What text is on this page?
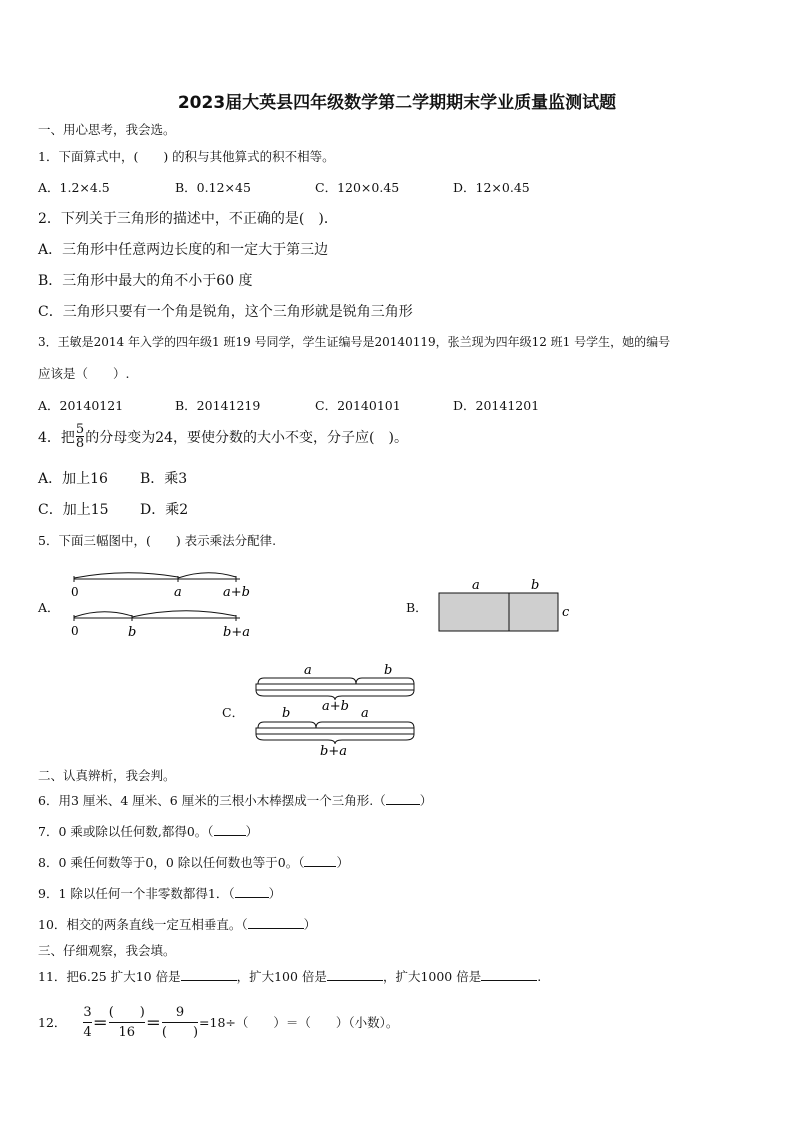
2023届大英县四年级数学第二学期期末学业质量监测试题
一、用心思考，我会选。
1．下面算式中，(　　) 的积与其他算式的积不相等。
A．1.2×4.5	B．0.12×45	C．120×0.45	D．12×0.45
2．下列关于三角形的描述中，不正确的是(　)．
A．三角形中任意两边长度的和一定大于第三边
B．三角形中最大的角不小于60 度
C．三角形只要有一个角是锐角，这个三角形就是锐角三角形
3．王敏是2014 年入学的四年级1 班19 号同学，学生证编号是20140119，张兰现为四年级12 班1 号学生，她的编号
应该是（　　）.
A．20140121	B．20141219	C．20140101	D．20141201
4．把 $\frac{5}{8}$ 的分母变为24，要使分数的大小不变，分子应(　)。
A．加上16 B．乘3
C．加上15 D．乘2
5．下面三幅图中，(　　) 表示乘法分配律.
A．
0	a	a+b
0	b	b+a
B．
a	b
c
C．
a	b
a+b
b	a
b+a
二、认真辨析，我会判。
6．用3 厘米、4 厘米、6 厘米的三根小木棒摆成一个三角形.（	）
7．0 乘或除以任何数,都得0。（	）
8．0 乘任何数等于0，0 除以任何数也等于0。（	）
9．1 除以任何一个非零数都得1．（	）
10．相交的两条直线一定互相垂直。（	）
三、仔细观察，我会填。
11．把6.25 扩大10 倍是	，扩大100 倍是	，扩大1000 倍是	.
12． $\frac{3}{4} = \frac{( )}{16} = \frac{9}{( )} =18\div$（　　）＝（　　）（小数）。
